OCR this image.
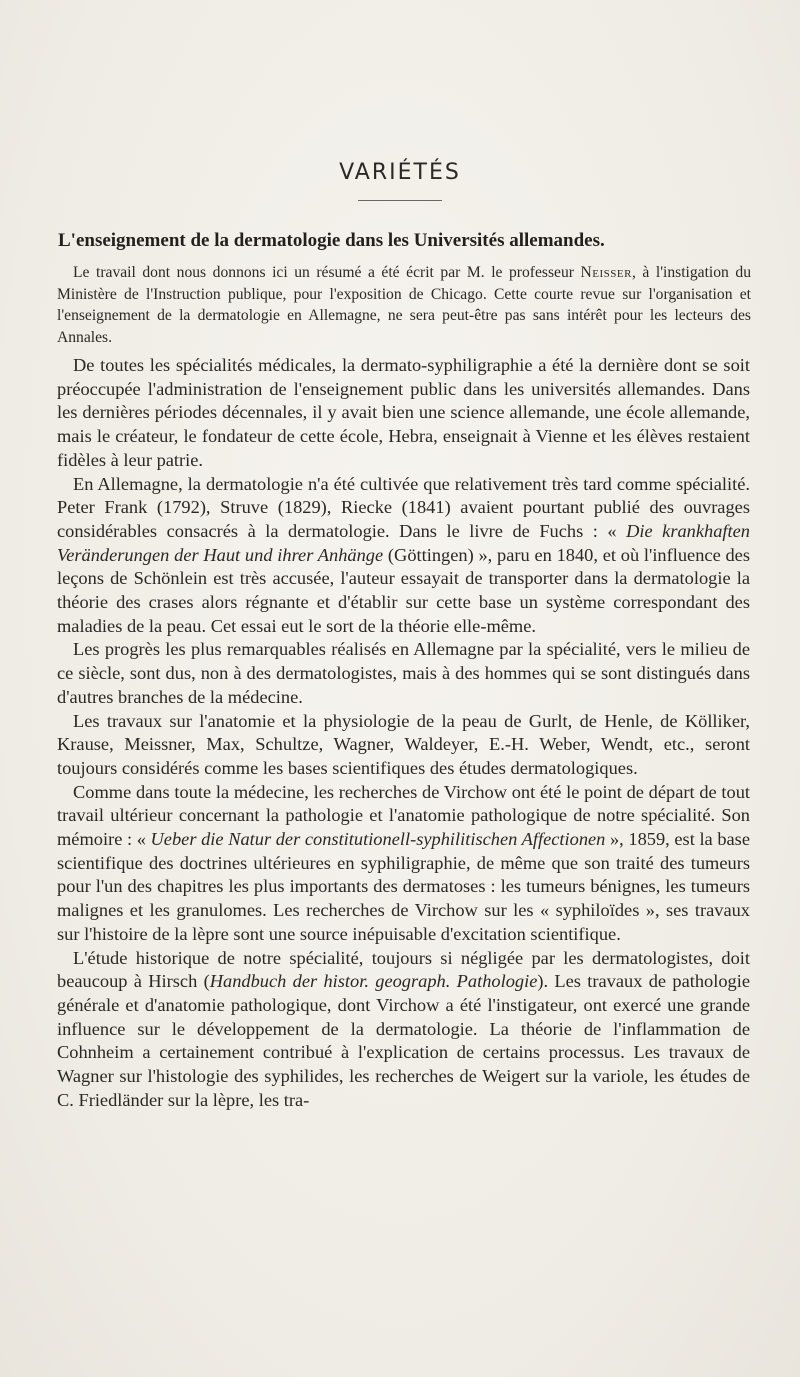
VARIÉTÉS
L'enseignement de la dermatologie dans les Universités allemandes.

Le travail dont nous donnons ici un résumé a été écrit par M. le professeur Neisser, à l'instigation du Ministère de l'Instruction publique, pour l'exposition de Chicago. Cette courte revue sur l'organisation et l'enseignement de la dermatologie en Allemagne, ne sera peut-être pas sans intérêt pour les lecteurs des Annales.

De toutes les spécialités médicales, la dermato-syphiligraphie a été la dernière dont se soit préoccupée l'administration de l'enseignement public dans les universités allemandes. Dans les dernières périodes décennales, il y avait bien une science allemande, une école allemande, mais le créateur, le fondateur de cette école, Hebra, enseignait à Vienne et les élèves restaient fidèles à leur patrie.

En Allemagne, la dermatologie n'a été cultivée que relativement très tard comme spécialité. Peter Frank (1792), Struve (1829), Riecke (1841) avaient pourtant publié des ouvrages considérables consacrés à la dermatologie. Dans le livre de Fuchs : « Die krankhaften Veränderungen der Haut und ihrer Anhänge (Göttingen) », paru en 1840, et où l'influence des leçons de Schönlein est très accusée, l'auteur essayait de transporter dans la dermatologie la théorie des crases alors régnante et d'établir sur cette base un système correspondant des maladies de la peau. Cet essai eut le sort de la théorie elle-même.

Les progrès les plus remarquables réalisés en Allemagne par la spécialité, vers le milieu de ce siècle, sont dus, non à des dermatologistes, mais à des hommes qui se sont distingués dans d'autres branches de la médecine.

Les travaux sur l'anatomie et la physiologie de la peau de Gurlt, de Henle, de Kölliker, Krause, Meissner, Max, Schultze, Wagner, Waldeyer, E.-H. Weber, Wendt, etc., seront toujours considérés comme les bases scientifiques des études dermatologiques.

Comme dans toute la médecine, les recherches de Virchow ont été le point de départ de tout travail ultérieur concernant la pathologie et l'anatomie pathologique de notre spécialité. Son mémoire : « Ueber die Natur der constitutionell-syphilitischen Affectionen », 1859, est la base scientifique des doctrines ultérieures en syphiligraphie, de même que son traité des tumeurs pour l'un des chapitres les plus importants des dermatoses : les tumeurs bénignes, les tumeurs malignes et les granulomes. Les recherches de Virchow sur les « syphiloïdes », ses travaux sur l'histoire de la lèpre sont une source inépuisable d'excitation scientifique.

L'étude historique de notre spécialité, toujours si négligée par les dermatologistes, doit beaucoup à Hirsch (Handbuch der histor. geograph. Pathologie). Les travaux de pathologie générale et d'anatomie pathologique, dont Virchow a été l'instigateur, ont exercé une grande influence sur le développement de la dermatologie. La théorie de l'inflammation de Cohnheim a certainement contribué à l'explication de certains processus. Les travaux de Wagner sur l'histologie des syphilides, les recherches de Weigert sur la variole, les études de C. Friedländer sur la lèpre, les tra-
